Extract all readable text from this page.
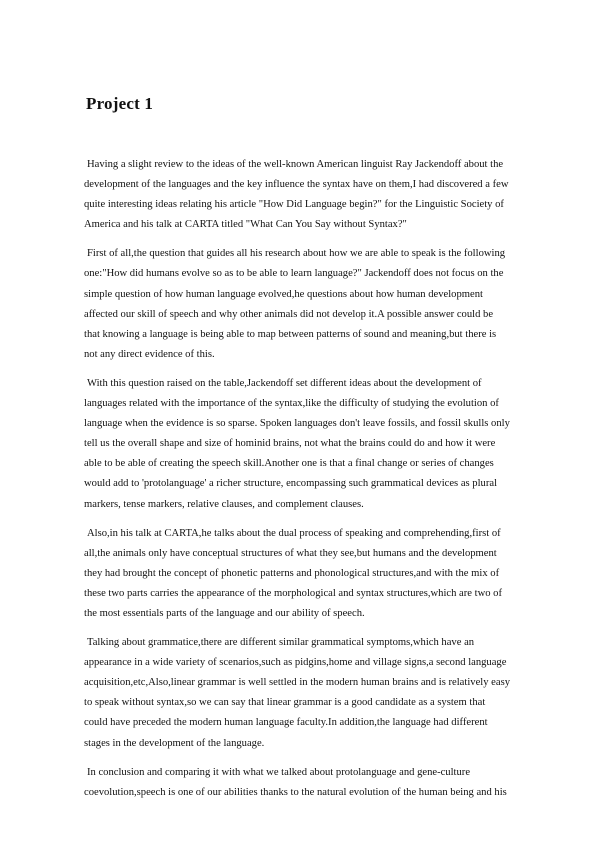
Project 1

Having a slight review to the ideas of the well-known American linguist Ray Jackendoff about the development of the languages and the key influence the syntax have on them,I had discovered a few quite interesting ideas relating his article "How Did Language begin?" for the Linguistic Society of America and his talk at CARTA titled "What Can You Say without Syntax?"

First of all,the question that guides all his research about how we are able to speak is the following one:"How did humans evolve so as to be able to learn language?" Jackendoff does not focus on the simple question of how human language evolved,he questions about how human development affected our skill of speech and why other animals did not develop it.A possible answer could be that knowing a language is being able to map between patterns of sound and meaning,but there is not any direct evidence of this.

With this question raised on the table,Jackendoff set different ideas about the development of languages related with the importance of the syntax,like the difficulty of studying the evolution of language when the evidence is so sparse. Spoken languages don't leave fossils, and fossil skulls only tell us the overall shape and size of hominid brains, not what the brains could do and how it were able to be able of creating the speech skill.Another one is that a final change or series of changes would add to 'protolanguage' a richer structure, encompassing such grammatical devices as plural markers, tense markers, relative clauses, and complement clauses.

Also,in his talk at CARTA,he talks about the dual process of speaking and comprehending,first of all,the animals only have conceptual structures of what they see,but humans and the development they had brought the concept of phonetic patterns and phonological structures,and with the mix of these two parts carries the appearance of the morphological and syntax structures,which are two of the most essentials parts of the language and our ability of speech.

Talking about grammatice,there are different similar grammatical symptoms,which have an appearance in a wide variety of scenarios,such as pidgins,home and village signs,a second language acquisition,etc,Also,linear grammar is well settled in the modern human brains and is relatively easy to speak without syntax,so we can say that linear grammar is a good candidate as a system that could have preceded the modern human language faculty.In addition,the language had different stages in the development of the language.

In conclusion and comparing it with what we talked about protolanguage and gene-culture coevolution,speech is one of our abilities thanks to the natural evolution of the human being and his
